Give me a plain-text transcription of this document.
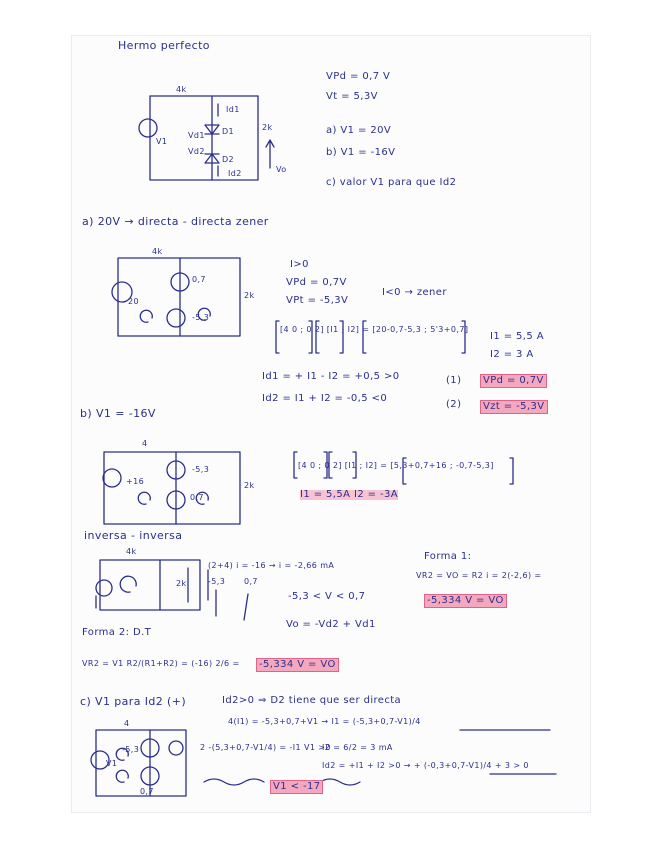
Hermo perfecto
VPd = 0,7 V
Vt = 5,3V
a) V1 = 20V
b) V1 = -16V
c) valor V1 para que Id2
4k
2k
V1
D1
D2
Id1
Id2
Vd1
Vd2
Vo
a) 20V → directa - directa zener
4k
2k
20
0,7
-5,3
I>0
VPd = 0,7V
VPt = -5,3V
I<0 → zener
[4 0 ; 0 2] [I1 ; I2] = [20-0,7-5,3 ; 5'3+0,7]
I1 = 5,5 A
I2 = 3 A
Id1 = + I1 - I2 = +0,5 >0
Id2 = I1 + I2 = -0,5 <0
(1)
(2)
VPd = 0,7V
Vzt = -5,3V
b) V1 = -16V
4
2k
+16
-5,3
0,7
[4 0 ; 0 2] [I1 ; I2] = [5,3+0,7+16 ; -0,7-5,3]
I1 = 5,5A I2 = -3A
inversa - inversa
4k
2k
(2+4) i = -16 → i = -2,66 mA
-5,3 0,7
-5,3 < V < 0,7
Vo = -Vd2 + Vd1
Forma 1:
VR2 = VO = R2 i = 2(-2,6) =
-5,334 V = VO
Forma 2: D.T
VR2 = V1 R2/(R1+R2) = (-16) 2/6 =	-5,334 V = VO
c) V1 para Id2 (+)	Id2>0 ⇒ D2 tiene que ser directa
4(I1) = -5,3+0,7+V1 → I1 = (-5,3+0,7-V1)/4
2 -(5,3+0,7-V1/4) = -I1 V1 >0
I2 = 6/2 = 3 mA
Id2 = +I1 + I2 >0 → + (-0,3+0,7-V1)/4 + 3 > 0
V1 < -17
4
V1
-5,3
0,7
